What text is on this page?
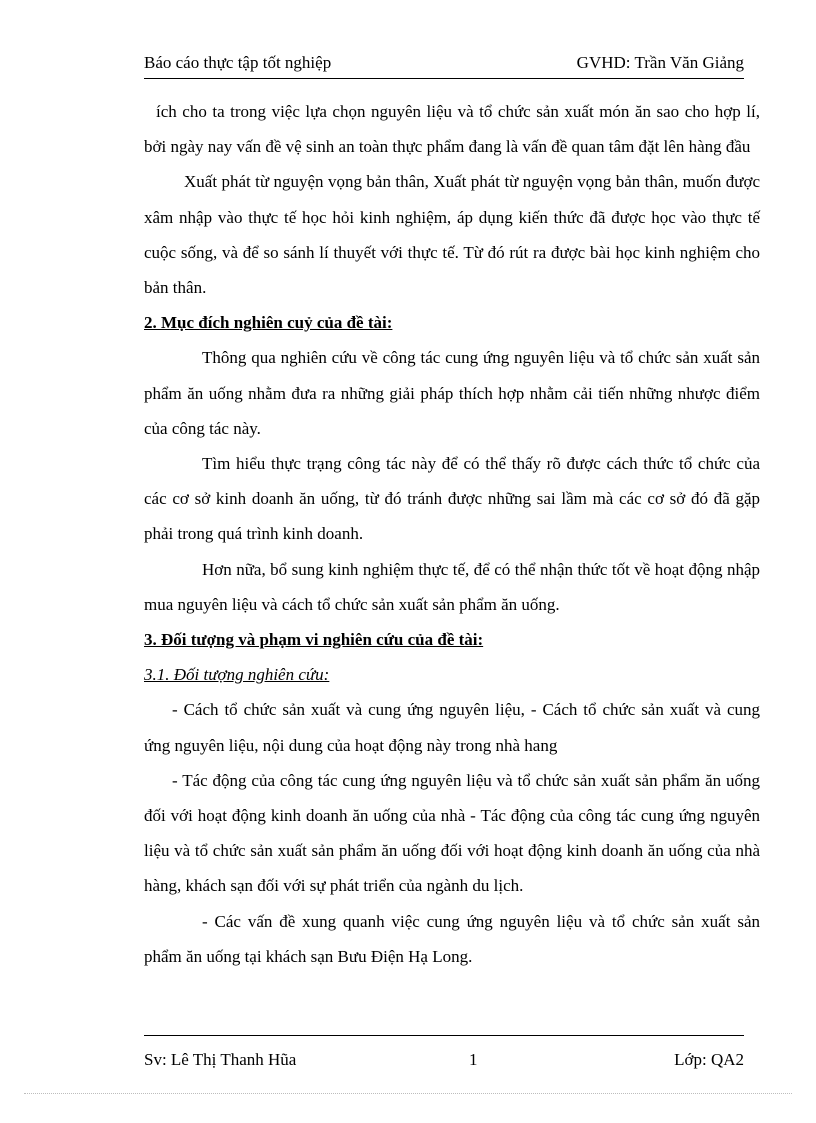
Báo cáo thực tập tốt nghiệp	GVHD: Trần Văn Giảng

ích cho ta trong việc lựa chọn nguyên liệu và tổ chức sản xuất món ăn sao cho hợp lí, bởi ngày nay vấn đề vệ sinh an toàn thực phẩm đang là vấn đề quan tâm đặt lên hàng đầu

Xuất phát từ nguyện vọng bản thân, Xuất phát từ nguyện vọng bản thân, muốn được xâm nhập vào thực tế học hỏi kinh nghiệm, áp dụng kiến thức đã được học vào thực tế cuộc sống, và để so sánh lí thuyết với thực tế. Từ đó rút ra được bài học kinh nghiệm cho bản thân.

2. Mục đích nghiên cuỷ của đề tài:

Thông qua nghiên cứu về công tác cung ứng nguyên liệu và tổ chức sản xuất sản phẩm ăn uống nhằm đưa ra những giải pháp thích hợp nhằm cải tiến những nhược điểm của công tác này.

Tìm hiểu thực trạng công tác này để có thể thấy rõ được cách thức tổ chức của các cơ sở kinh doanh ăn uống, từ đó tránh được những sai lầm mà các cơ sở đó đã gặp phải trong quá trình kinh doanh.

Hơn nữa, bổ sung kinh nghiệm thực tế, để có thể nhận thức tốt về hoạt động nhập mua nguyên liệu và cách tổ chức sản xuất sản phẩm ăn uống.

3. Đối tượng và phạm vi nghiên cứu của đề tài:

3.1. Đối tượng nghiên cứu:

- Cách tổ chức sản xuất và cung ứng nguyên liệu, - Cách tổ chức sản xuất và cung ứng nguyên liệu, nội dung của hoạt động này trong nhà hang

- Tác động của công tác cung ứng nguyên liệu và tổ chức sản xuất sản phẩm ăn uống đối với hoạt động kinh doanh ăn uống của nhà - Tác động của công tác cung ứng nguyên liệu và tổ chức sản xuất sản phẩm ăn uống đối với hoạt động kinh doanh ăn uống của nhà hàng, khách sạn đối với sự phát triển của ngành du lịch.

- Các vấn đề xung quanh việc cung ứng nguyên liệu và tổ chức sản xuất sản phẩm ăn uống tại khách sạn Bưu Điện Hạ Long.

Sv: Lê Thị Thanh Hũa	1	Lớp: QA2
